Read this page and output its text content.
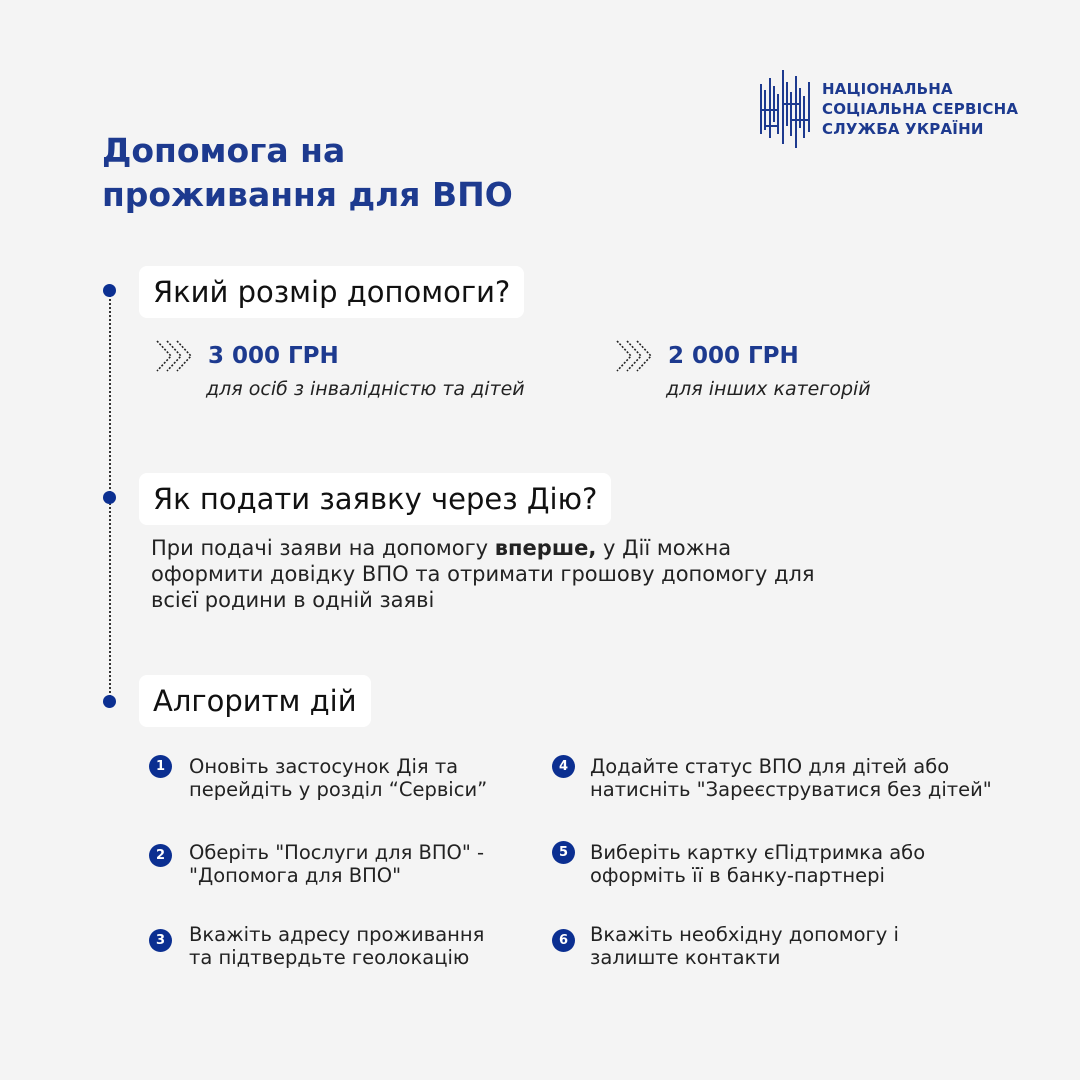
НАЦІОНАЛЬНА
СОЦІАЛЬНА СЕРВІСНА
СЛУЖБА УКРАЇНИ
Допомога на
проживання для ВПО
Який розмір допомоги?
3 000 ГРН
для осіб з інвалідністю та дітей
2 000 ГРН
для інших категорій
Як подати заявку через Дію?
При подачі заяви на допомогу вперше, у Дії можна
оформити довідку ВПО та отримати грошову допомогу для
всієї родини в одній заяві
Алгоритм дій
1	Оновіть застосунок Дія та
перейдіть у розділ “Сервіси”
2	Оберіть "Послуги для ВПО" -
"Допомога для ВПО"
3	Вкажіть адресу проживання
та підтвердьте геолокацію
4	Додайте статус ВПО для дітей або
натисніть "Зареєструватися без дітей"
5	Виберіть картку єПідтримка або
оформіть її в банку-партнері
6	Вкажіть необхідну допомогу і
залиште контакти
